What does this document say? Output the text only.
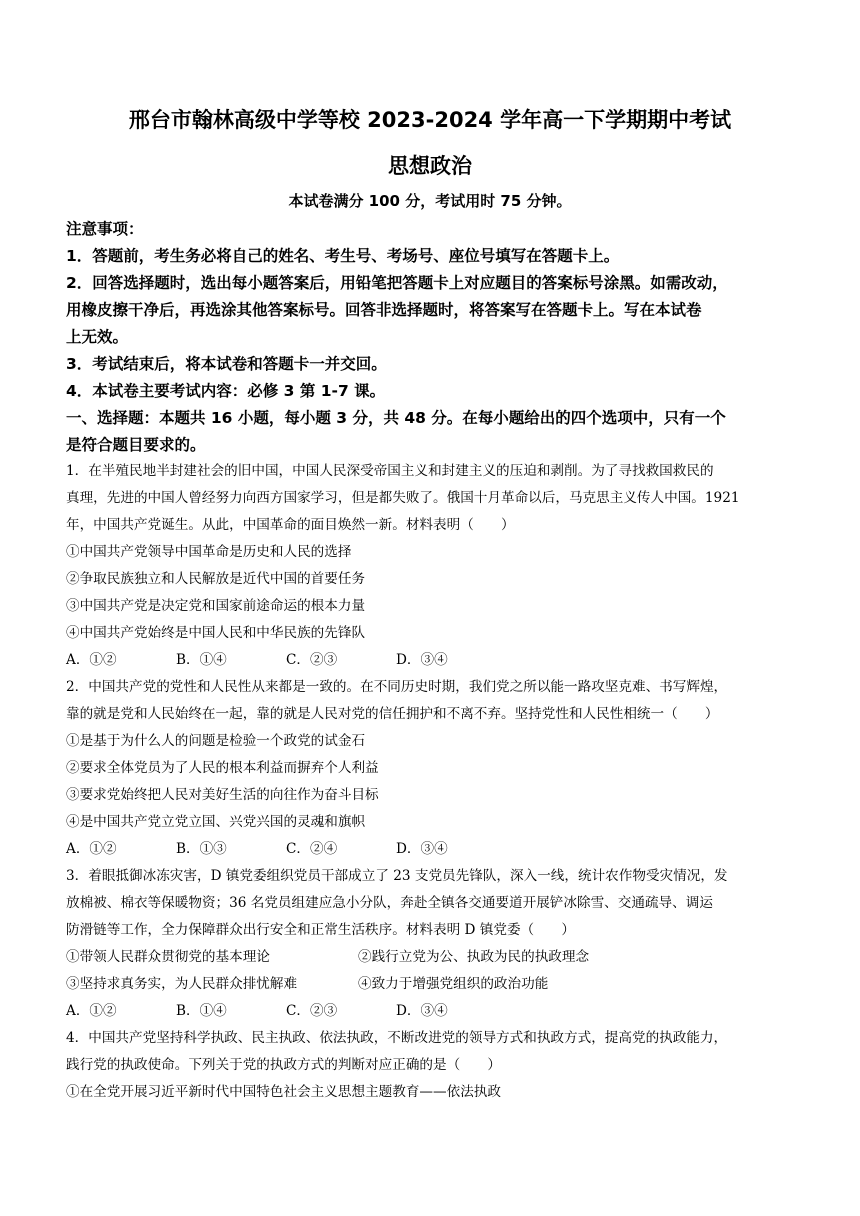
邢台市翰林高级中学等校 2023-2024 学年高一下学期期中考试
思想政治
本试卷满分 100 分，考试用时 75 分钟。
注意事项：
1．答题前，考生务必将自己的姓名、考生号、考场号、座位号填写在答题卡上。
2．回答选择题时，选出每小题答案后，用铅笔把答题卡上对应题目的答案标号涂黑。如需改动，
用橡皮擦干净后，再选涂其他答案标号。回答非选择题时，将答案写在答题卡上。写在本试卷
上无效。
3．考试结束后，将本试卷和答题卡一并交回。
4．本试卷主要考试内容：必修 3 第 1-7 课。
一、选择题：本题共 16 小题，每小题 3 分，共 48 分。在每小题给出的四个选项中，只有一个
是符合题目要求的。
1．在半殖民地半封建社会的旧中国，中国人民深受帝国主义和封建主义的压迫和剥削。为了寻找救国救民的
真理，先进的中国人曾经努力向西方国家学习，但是都失败了。俄国十月革命以后，马克思主义传人中国。1921
年，中国共产党诞生。从此，中国革命的面目焕然一新。材料表明（　　）
①中国共产党领导中国革命是历史和人民的选择
②争取民族独立和人民解放是近代中国的首要任务
③中国共产党是决定党和国家前途命运的根本力量
④中国共产党始终是中国人民和中华民族的先锋队
A．①②	B．①④	C．②③	D．③④
2．中国共产党的党性和人民性从来都是一致的。在不同历史时期，我们党之所以能一路攻坚克难、书写辉煌，
靠的就是党和人民始终在一起，靠的就是人民对党的信任拥护和不离不弃。坚持党性和人民性相统一（　　）
①是基于为什么人的问题是检验一个政党的试金石
②要求全体党员为了人民的根本利益而摒弃个人利益
③要求党始终把人民对美好生活的向往作为奋斗目标
④是中国共产党立党立国、兴党兴国的灵魂和旗帜
A．①②	B．①③	C．②④	D．③④
3．着眼抵御冰冻灾害，D 镇党委组织党员干部成立了 23 支党员先锋队，深入一线，统计农作物受灾情况，发
放棉被、棉衣等保暖物资；36 名党员组建应急小分队，奔赴全镇各交通要道开展铲冰除雪、交通疏导、调运
防滑链等工作，全力保障群众出行安全和正常生活秩序。材料表明 D 镇党委（　　）
①带领人民群众贯彻党的基本理论	②践行立党为公、执政为民的执政理念
③坚持求真务实，为人民群众排忧解难	④致力于增强党组织的政治功能
A．①②	B．①④	C．②③	D．③④
4．中国共产党坚持科学执政、民主执政、依法执政，不断改进党的领导方式和执政方式，提高党的执政能力，
践行党的执政使命。下列关于党的执政方式的判断对应正确的是（　　）
①在全党开展习近平新时代中国特色社会主义思想主题教育——依法执政
